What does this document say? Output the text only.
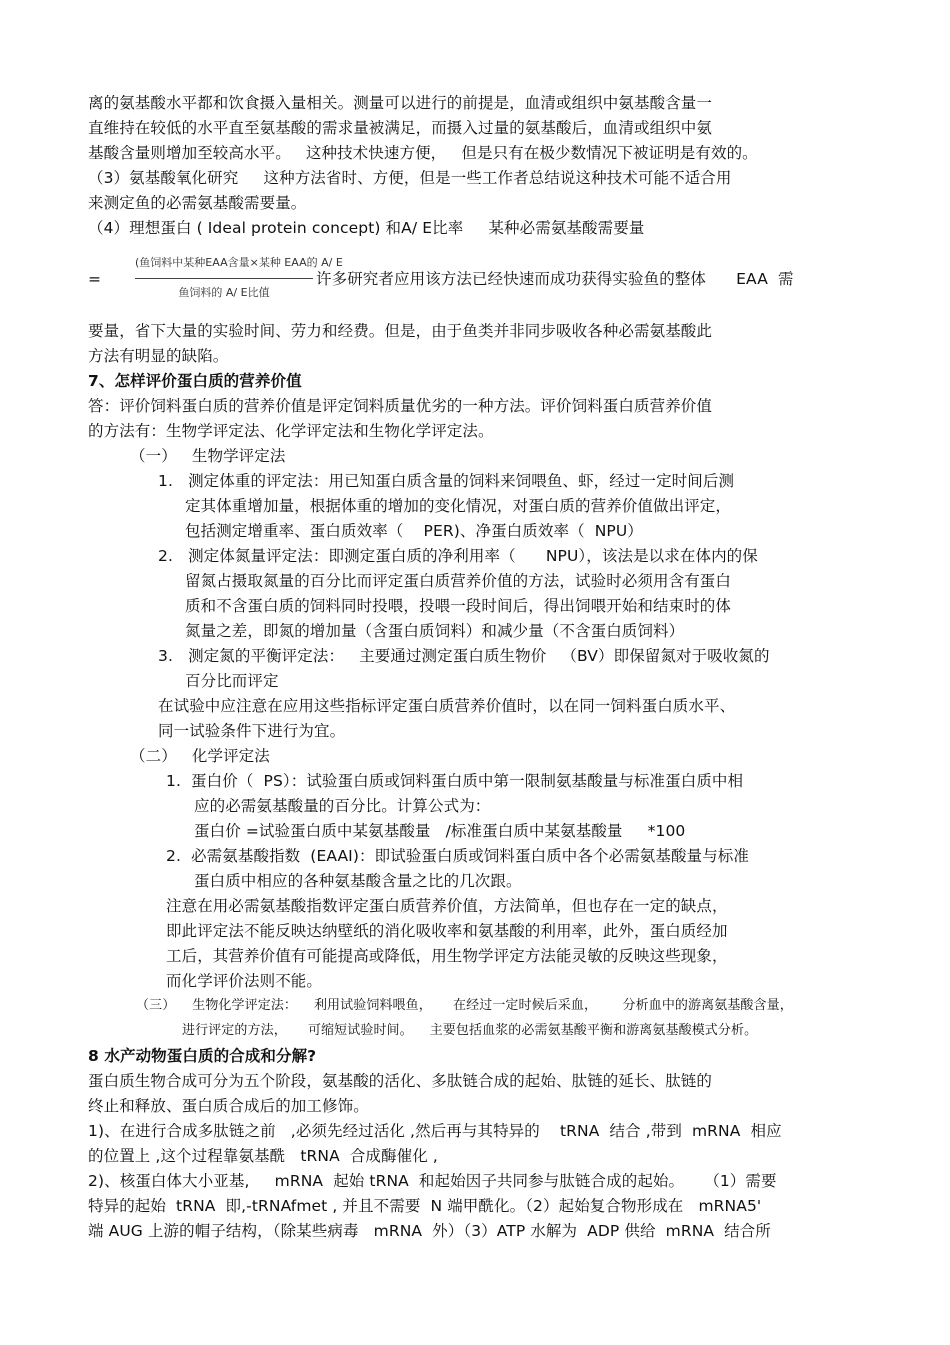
离的氨基酸水平都和饮食摄入量相关。测量可以进行的前提是，血清或组织中氨基酸含量一
直维持在较低的水平直至氨基酸的需求量被满足，而摄入过量的氨基酸后，血清或组织中氨
基酸含量则增加至较高水平。   这种技术快速方便，   但是只有在极少数情况下被证明是有效的。
（3）氨基酸氧化研究     这种方法省时、方便，但是一些工作者总结说这种技术可能不适合用
来测定鱼的必需氨基酸需要量。
（4）理想蛋白 ( Ideal protein concept) 和A/ E比率     某种必需氨基酸需要量
=
(鱼饲料中某种EAA含量×某种 EAA的 A/ E
鱼饲料的 A/ E比值
许多研究者应用该方法已经快速而成功获得实验鱼的整体      EAA  需
要量，省下大量的实验时间、劳力和经费。但是，由于鱼类并非同步吸收各种必需氨基酸此
方法有明显的缺陷。
7、怎样评价蛋白质的营养价值
答：评价饲料蛋白质的营养价值是评定饲料质量优劣的一种方法。评价饲料蛋白质营养价值
的方法有：生物学评定法、化学评定法和生物化学评定法。
（一）   生物学评定法
1.   测定体重的评定法：用已知蛋白质含量的饲料来饲喂鱼、虾，经过一定时间后测
定其体重增加量，根据体重的增加的变化情况，对蛋白质的营养价值做出评定，
包括测定增重率、蛋白质效率（    PER)、净蛋白质效率（  NPU）
2.   测定体氮量评定法：即测定蛋白质的净利用率（      NPU），该法是以求在体内的保
留氮占摄取氮量的百分比而评定蛋白质营养价值的方法，试验时必须用含有蛋白
质和不含蛋白质的饲料同时投喂，投喂一段时间后，得出饲喂开始和结束时的体
氮量之差，即氮的增加量（含蛋白质饲料）和减少量（不含蛋白质饲料）
3.   测定氮的平衡评定法：   主要通过测定蛋白质生物价   （BV）即保留氮对于吸收氮的
百分比而评定
在试验中应注意在应用这些指标评定蛋白质营养价值时，以在同一饲料蛋白质水平、
同一试验条件下进行为宜。
（二）   化学评定法
1.  蛋白价（  PS）：试验蛋白质或饲料蛋白质中第一限制氨基酸量与标准蛋白质中相
应的必需氨基酸量的百分比。计算公式为：
蛋白价 =试验蛋白质中某氨基酸量   /标准蛋白质中某氨基酸量     *100
2.  必需氨基酸指数  (EAAI)：即试验蛋白质或饲料蛋白质中各个必需氨基酸量与标准
蛋白质中相应的各种氨基酸含量之比的几次跟。
注意在用必需氨基酸指数评定蛋白质营养价值，方法简单，但也存在一定的缺点，
即此评定法不能反映达纳壁纸的消化吸收率和氨基酸的利用率，此外，蛋白质经加
工后，其营养价值有可能提高或降低，用生物学评定方法能灵敏的反映这些现象，
而化学评价法则不能。
（三）    生物化学评定法：    利用试验饲料喂鱼，     在经过一定时候后采血，      分析血中的游离氨基酸含量，
进行评定的方法，     可缩短试验时间。    主要包括血浆的必需氨基酸平衡和游离氨基酸模式分析。
8 水产动物蛋白质的合成和分解?
蛋白质生物合成可分为五个阶段，氨基酸的活化、多肽链合成的起始、肽链的延长、肽链的
终止和释放、蛋白质合成后的加工修饰。
1)、在进行合成多肽链之前   ,必须先经过活化 ,然后再与其特异的    tRNA  结合 ,带到  mRNA  相应
的位置上 ,这个过程靠氨基酰   tRNA  合成酶催化 ,
2)、核蛋白体大小亚基,     mRNA  起始 tRNA  和起始因子共同参与肽链合成的起始。    （1）需要
特异的起始  tRNA  即,-tRNAfmet , 并且不需要  N 端甲酰化。（2）起始复合物形成在   mRNA5'
端 AUG 上游的帽子结构，（除某些病毒   mRNA  外）（3）ATP 水解为  ADP 供给  mRNA  结合所
